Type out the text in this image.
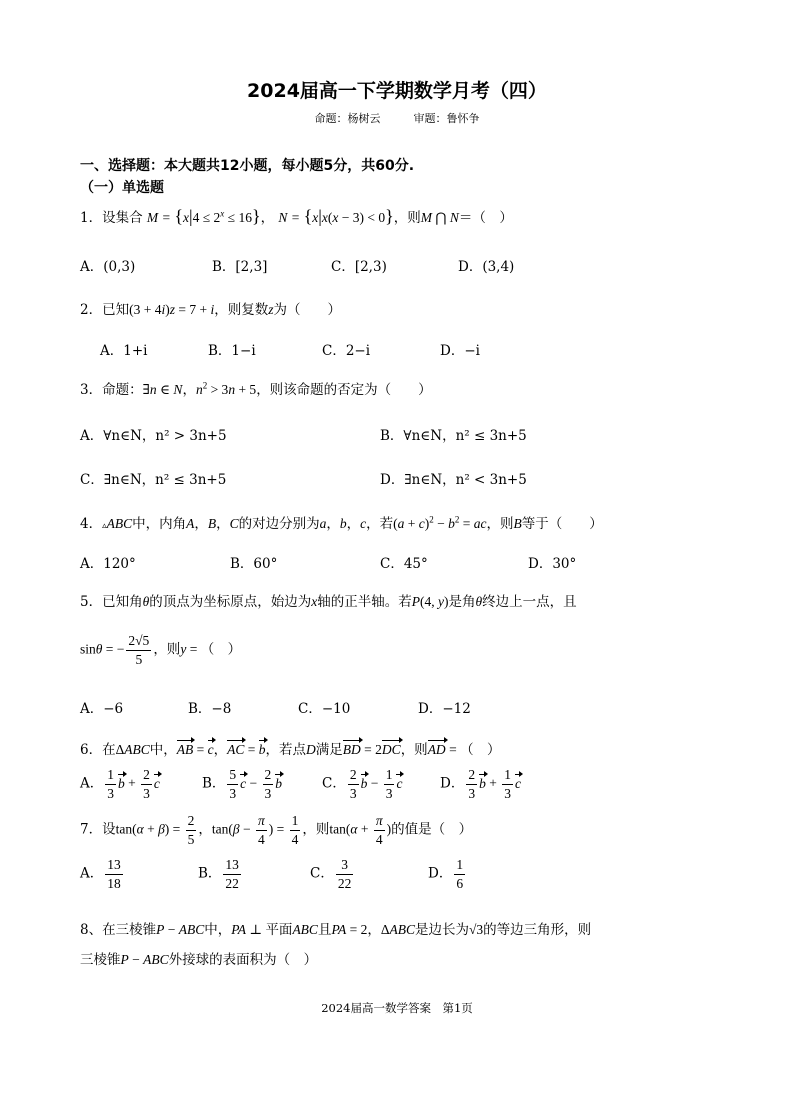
2024届高一下学期数学月考（四）
命题：杨树云　　　审题：鲁怀争
一、选择题：本大题共12小题，每小题5分，共60分.
（一）单选题
1．设集合 $M = \{x|4 \le 2^x \le 16\}$， N = {x|x(x − 3) < 0}，则M ⋂ N＝（　）
A．(0,3)	B．[2,3]	C．[2,3)	D．(3,4)
2．已知(3 + 4i)z = 7 + i，则复数z为（　　）
A．1+i	B．1−i	C．2−i	D．−i
3．命题：∃n ∈ N，$n^2 > 3n + 5$，则该命题的否定为（　　）
A．∀n∈N，n² > 3n+5	B．∀n∈N，n² ≤ 3n+5
C．∃n∈N，n² ≤ 3n+5	D．∃n∈N，n² < 3n+5
4．▵ABC中，内角A，B，C的对边分别为a，b，c，若$(a + c)^2 - b^2$ = ac，则B等于（　　）
A．120°	B．60°	C．45°	D．30°
5．已知角θ的顶点为坐标原点，始边为x轴的正半轴。若P(4, y)是角θ终边上一点，且
sinθ = − $\frac{2√5}{5}$ ，则y = （　）
A．−6	B．−8	C．−10	D．−12
6．在ΔABC中，AB = c，AC = b，若点D满足BD = 2DC，则AD = （　）
A． $\frac{1}{3}$ $b + \frac{2}{3}$ c	B． $\frac{5}{3}$ $c - \frac{2}{3}$ b	C． $\frac{2}{3}$ $b - \frac{1}{3}$ c	D． $\frac{2}{3}$ $b + \frac{1}{3}$ c
7．设$\tan(\alpha + \beta) = \frac{2}{5}$ ，$\tan(\beta - \frac{\pi}{4}$ ) = $\frac{1}{4}$ ，则$\tan(\alpha + \frac{\pi}{4}$ )的值是（　）
A． $\frac{13}{18}$	B． $\frac{13}{22}$	C． $\frac{3}{22}$	D． $\frac{1}{6}$
8、在三棱锥P − ABC中，PA ⊥ 平面ABC且PA = 2，ΔABC是边长为√3的等边三角形，则
三棱锥P − ABC外接球的表面积为（　）
2024届高一数学答案　第1页
